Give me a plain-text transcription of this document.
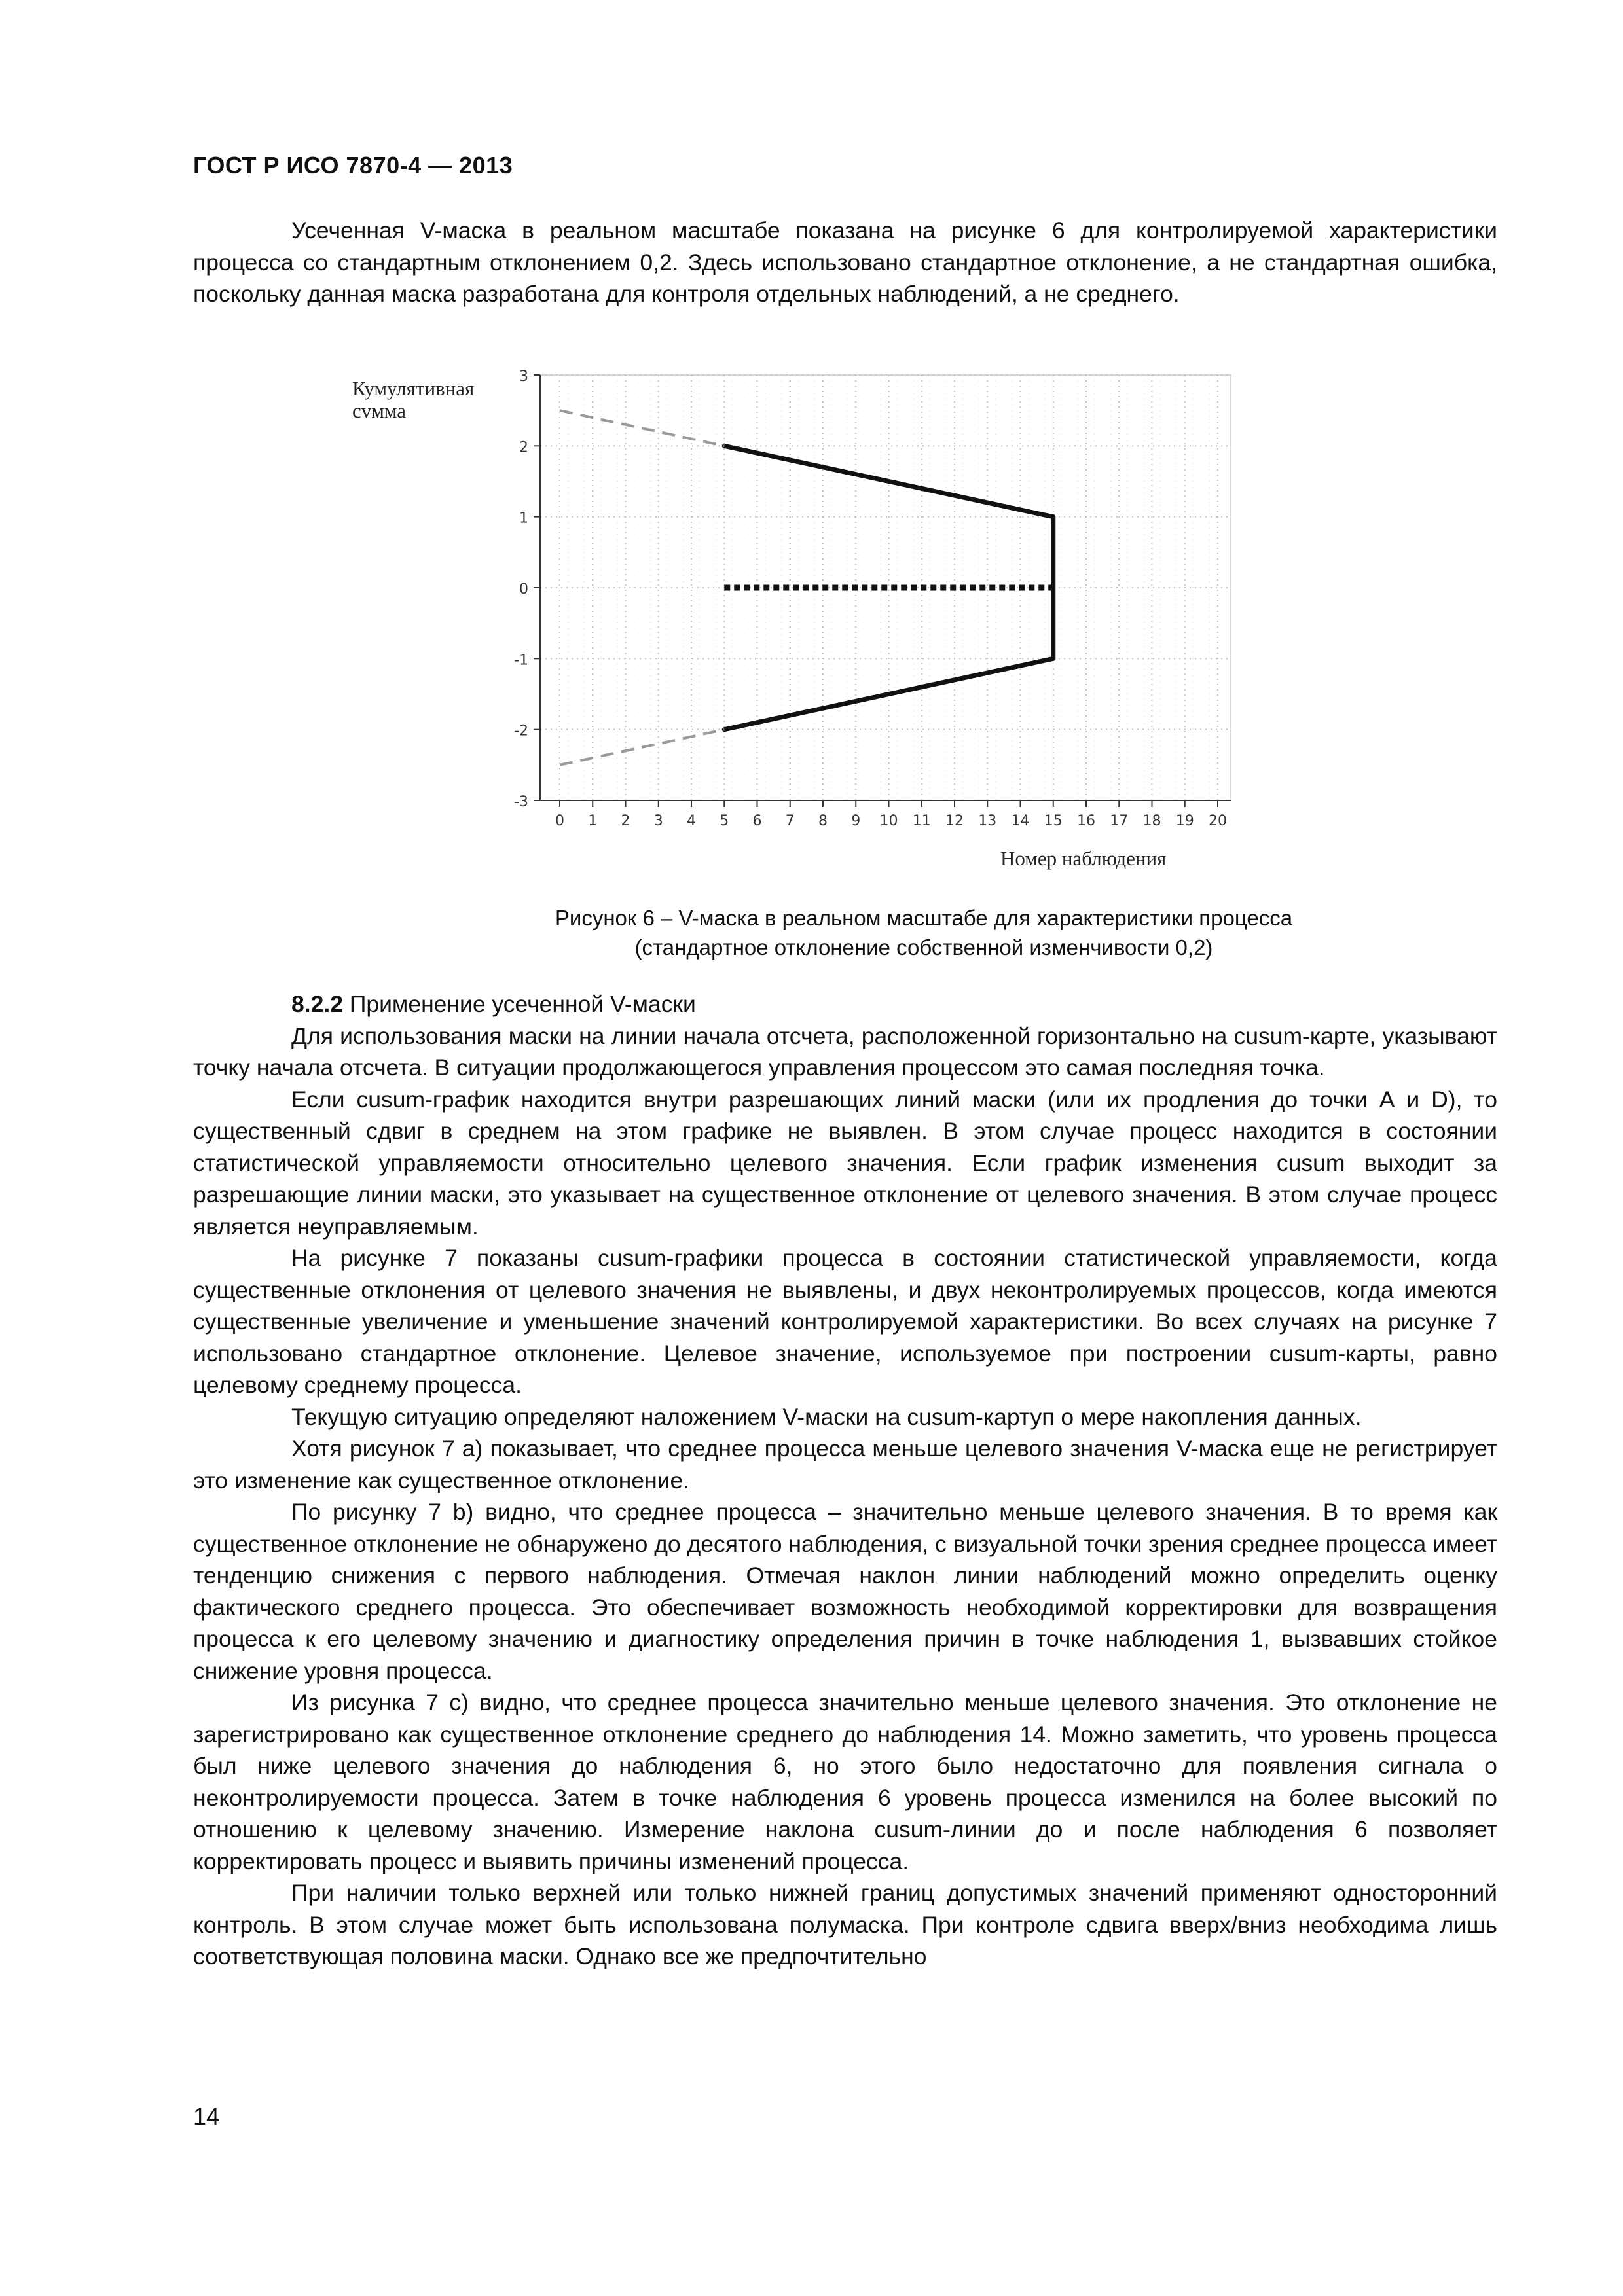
ГОСТ Р ИСО 7870-4 — 2013

Усеченная V-маска в реальном масштабе показана на рисунке 6 для контролируемой характеристики процесса со стандартным отклонением 0,2. Здесь использовано стандартное отклонение, а не стандартная ошибка, поскольку данная маска разработана для контроля отдельных наблюдений, а не среднего.

-3
-2
-1
0
1
2
3
0 1 2 3 4 5 6 7 8 9 10 11 12 13 14 15 16 17 18 19 20
Кумулятивная
сvмма
Номер наблюдения
Рисунок 6 – V-маска в реальном масштабе для характеристики процесса
(стандартное отклонение собственной изменчивости 0,2)

8.2.2 Применение усеченной V-маски

Для использования маски на линии начала отсчета, расположенной горизонтально на cusum-карте, указывают точку начала отсчета. В ситуации продолжающегося управления процессом это самая последняя точка.

Если cusum-график находится внутри разрешающих линий маски (или их продления до точки А и D), то существенный сдвиг в среднем на этом графике не выявлен. В этом случае процесс находится в состоянии статистической управляемости относительно целевого значения. Если график изменения cusum выходит за разрешающие линии маски, это указывает на существенное отклонение от целевого значения. В этом случае процесс является неуправляемым.

На рисунке 7 показаны cusum-графики процесса в состоянии статистической управляемости, когда существенные отклонения от целевого значения не выявлены, и двух неконтролируемых процессов, когда имеются существенные увеличение и уменьшение значений контролируемой характеристики. Во всех случаях на рисунке 7 использовано стандартное отклонение. Целевое значение, используемое при построении cusum-карты, равно целевому среднему процесса.

Текущую ситуацию определяют наложением V-маски на cusum-картуп о мере накопления данных.

Хотя рисунок 7 а) показывает, что среднее процесса меньше целевого значения V-маска еще не регистрирует это изменение как существенное отклонение.

По рисунку 7 b) видно, что среднее процесса – значительно меньше целевого значения. В то время как существенное отклонение не обнаружено до десятого наблюдения, с визуальной точки зрения среднее процесса имеет тенденцию снижения с первого наблюдения. Отмечая наклон линии наблюдений можно определить оценку фактического среднего процесса. Это обеспечивает возможность необходимой корректировки для возвращения процесса к его целевому значению и диагностику определения причин в точке наблюдения 1, вызвавших стойкое снижение уровня процесса.

Из рисунка 7 с) видно, что среднее процесса значительно меньше целевого значения. Это отклонение не зарегистрировано как существенное отклонение среднего до наблюдения 14. Можно заметить, что уровень процесса был ниже целевого значения до наблюдения 6, но этого было недостаточно для появления сигнала о неконтролируемости процесса. Затем в точке наблюдения 6 уровень процесса изменился на более высокий по отношению к целевому значению. Измерение наклона cusum-линии до и после наблюдения 6 позволяет корректировать процесс и выявить причины изменений процесса.

При наличии только верхней или только нижней границ допустимых значений применяют односторонний контроль. В этом случае может быть использована полумаска. При контроле сдвига вверх/вниз необходима лишь соответствующая половина маски. Однако все же предпочтительно

14
